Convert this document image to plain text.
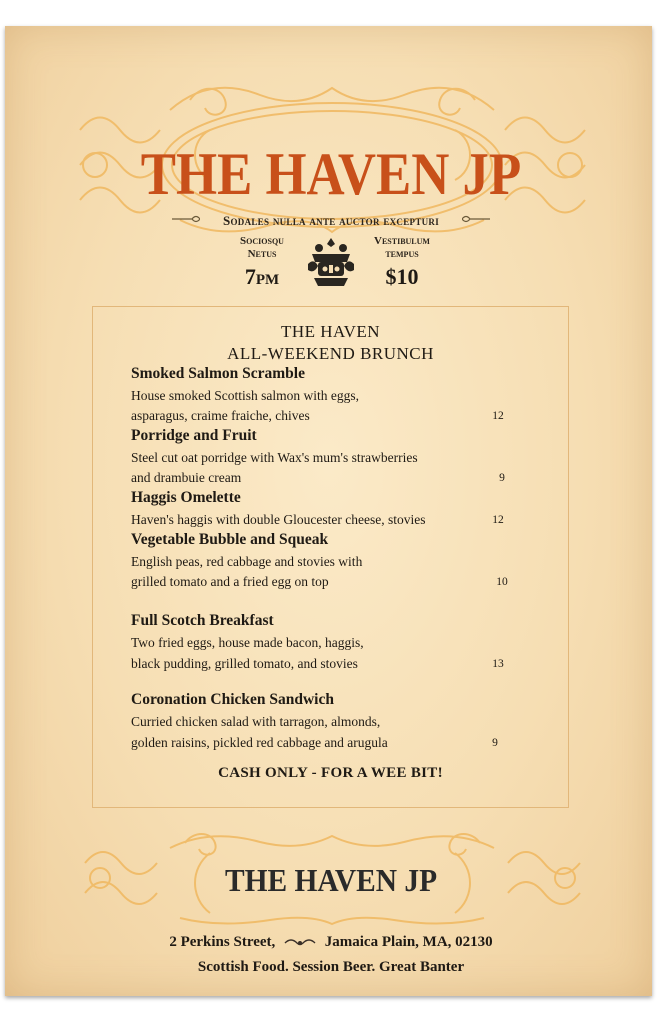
THE HAVEN JP
Sodales nulla ante auctor excepturi
Sociosqu
Netus
Vestibulum
tempus
7pm	$10
THE HAVEN
ALL-WEEKEND BRUNCH
Smoked Salmon Scramble
House smoked Scottish salmon with eggs,
asparagus, craime fraiche, chives	12
Porridge and Fruit
Steel cut oat porridge with Wax's mum's strawberries
and drambuie cream	9
Haggis Omelette
Haven's haggis with double Gloucester cheese, stovies	12
Vegetable Bubble and Squeak
English peas, red cabbage and stovies with
grilled tomato and a fried egg on top	10
Full Scotch Breakfast
Two fried eggs, house made bacon, haggis,
black pudding, grilled tomato, and stovies	13
Coronation Chicken Sandwich
Curried chicken salad with tarragon, almonds,
golden raisins, pickled red cabbage and arugula	9
CASH ONLY - FOR A WEE BIT!
THE HAVEN JP
2 Perkins Street,	Jamaica Plain, MA, 02130
Scottish Food. Session Beer. Great Banter
